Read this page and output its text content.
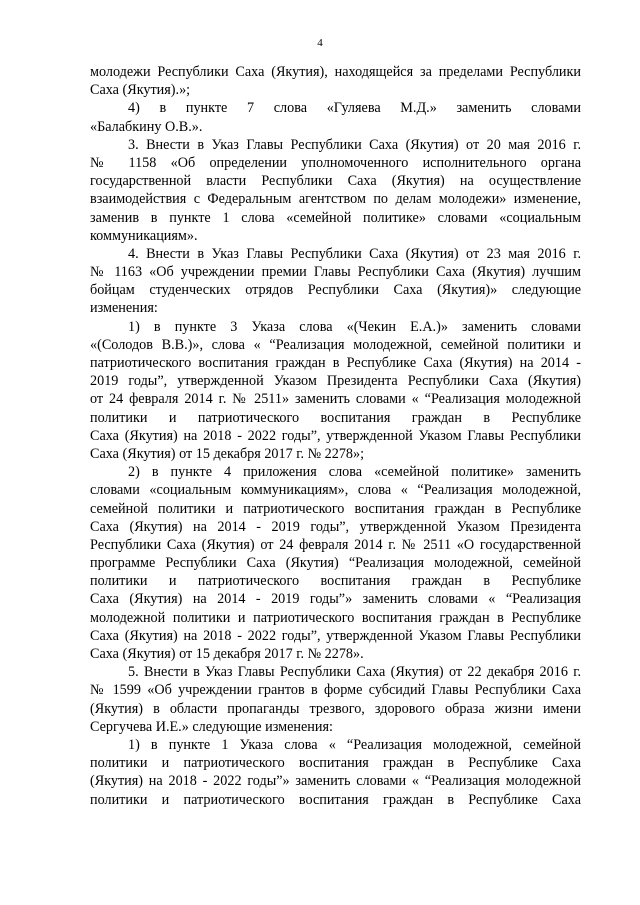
4
молодежи Республики Саха (Якутия), находящейся за пределами Республики
Саха (Якутия).»;
4) в пункте 7 слова «Гуляева М.Д.» заменить словами
«Балабкину О.В.».
3. Внести в Указ Главы Республики Саха (Якутия) от 20 мая 2016 г.
№ 1158 «Об определении уполномоченного исполнительного органа
государственной власти Республики Саха (Якутия) на осуществление
взаимодействия с Федеральным агентством по делам молодежи» изменение,
заменив в пункте 1 слова «семейной политике» словами «социальным
коммуникациям».
4. Внести в Указ Главы Республики Саха (Якутия) от 23 мая 2016 г.
№ 1163 «Об учреждении премии Главы Республики Саха (Якутия) лучшим
бойцам студенческих отрядов Республики Саха (Якутия)» следующие
изменения:
1) в пункте 3 Указа слова «(Чекин Е.А.)» заменить словами
«(Солодов В.В.)», слова « “Реализация молодежной, семейной политики и
патриотического воспитания граждан в Республике Саха (Якутия) на 2014 -
2019 годы”, утвержденной Указом Президента Республики Саха (Якутия)
от 24 февраля 2014 г. № 2511» заменить словами « “Реализация молодежной
политики и патриотического воспитания граждан в Республике
Саха (Якутия) на 2018 - 2022 годы”, утвержденной Указом Главы Республики
Саха (Якутия) от 15 декабря 2017 г. № 2278»;
2) в пункте 4 приложения слова «семейной политике» заменить
словами «социальным коммуникациям», слова « “Реализация молодежной,
семейной политики и патриотического воспитания граждан в Республике
Саха (Якутия) на 2014 - 2019 годы”, утвержденной Указом Президента
Республики Саха (Якутия) от 24 февраля 2014 г. № 2511 «О государственной
программе Республики Саха (Якутия) “Реализация молодежной, семейной
политики и патриотического воспитания граждан в Республике
Саха (Якутия) на 2014 - 2019 годы”» заменить словами « “Реализация
молодежной политики и патриотического воспитания граждан в Республике
Саха (Якутия) на 2018 - 2022 годы”, утвержденной Указом Главы Республики
Саха (Якутия) от 15 декабря 2017 г. № 2278».
5. Внести в Указ Главы Республики Саха (Якутия) от 22 декабря 2016 г.
№ 1599 «Об учреждении грантов в форме субсидий Главы Республики Саха
(Якутия) в области пропаганды трезвого, здорового образа жизни имени
Сергучева И.Е.» следующие изменения:
1) в пункте 1 Указа слова « “Реализация молодежной, семейной
политики и патриотического воспитания граждан в Республике Саха
(Якутия) на 2018 - 2022 годы”» заменить словами « “Реализация молодежной
политики и патриотического воспитания граждан в Республике Саха
